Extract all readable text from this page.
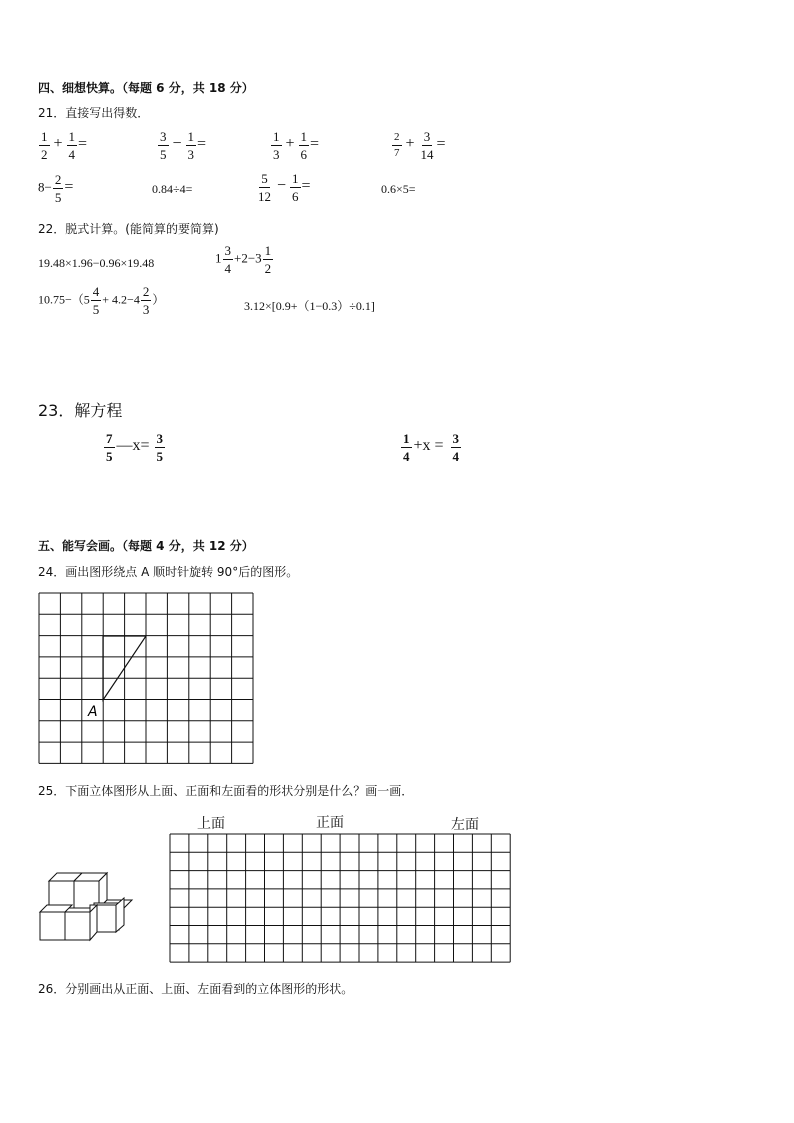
四、细想快算。（每题 6 分，共 18 分）
21．直接写出得数．
$\frac{1}{2} + \frac{1}{4}$ =	$\frac{3}{5} - \frac{1}{3}$ =	$\frac{1}{3} + \frac{1}{6}$ =	$\frac{2}{7} + \frac{3}{14}$ =
$8- \frac{2}{5}$ =	0.84÷4=	$\frac{5}{12} - \frac{1}{6}$ =	0.6×5=
22．脱式计算。(能简算的要简算)
19.48×1.96−0.96×19.48	$1 \frac{3}{4} +2-3 \frac{1}{2}$
$10.75-(5 \frac{4}{5} + 4.2-4 \frac{2}{3}$ ）	3.12×[0.9+（1−0.3）÷0.1]
23．解方程
$\frac{7}{5}$ —x= $\frac{3}{5}$	$\frac{1}{4} +x = \frac{3}{4}$
五、能写会画。（每题 4 分，共 12 分）
24．画出图形绕点 A 顺时针旋转 90°后的图形。
A
25．下面立体图形从上面、正面和左面看的形状分别是什么？画一画．
上面	正面	左面
26．分别画出从正面、上面、左面看到的立体图形的形状。
